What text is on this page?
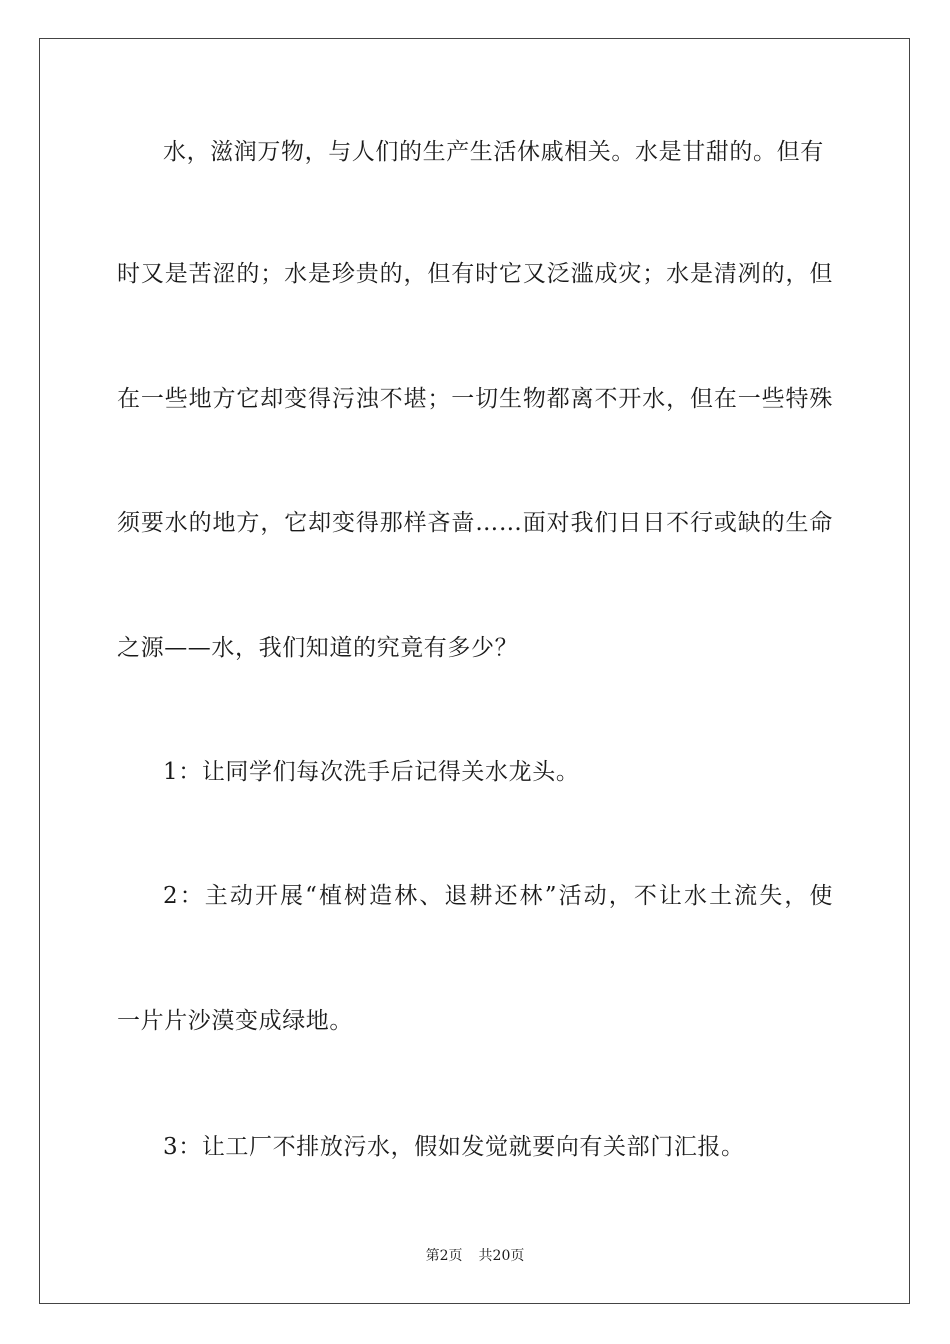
水，滋润万物，与人们的生产生活休戚相关。水是甘甜的。但有
时又是苦涩的；水是珍贵的，但有时它又泛滥成灾；水是清冽的，但
在一些地方它却变得污浊不堪；一切生物都离不开水，但在一些特殊
须要水的地方，它却变得那样吝啬……面对我们日日不行或缺的生命
之源——水，我们知道的究竟有多少？
1：让同学们每次洗手后记得关水龙头。
2：主动开展“植树造林、退耕还林”活动，不让水土流失，使
一片片沙漠变成绿地。
3：让工厂不排放污水，假如发觉就要向有关部门汇报。
第2页 共20页
